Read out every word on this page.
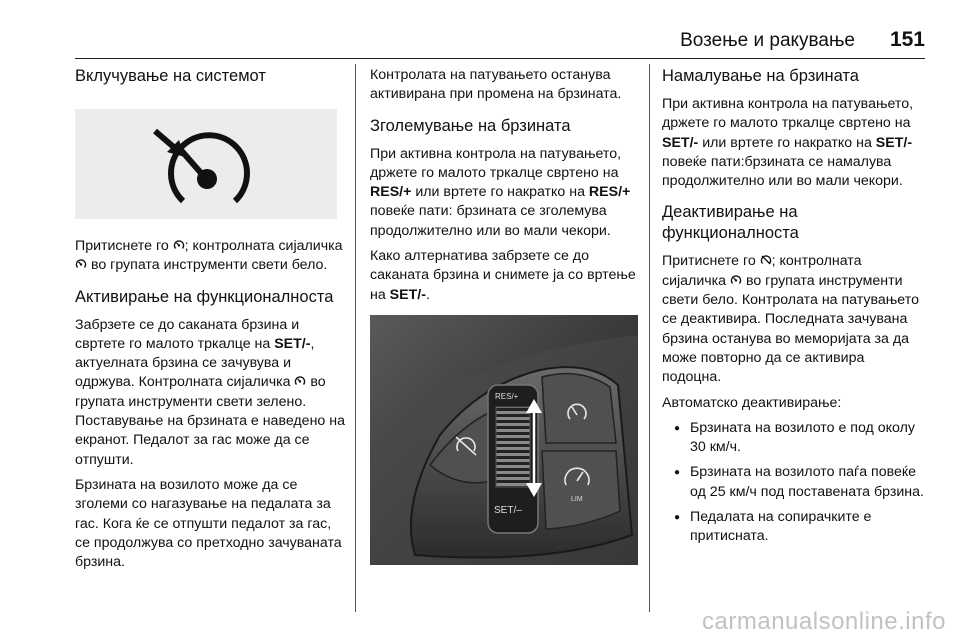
Возење и ракување 151
Вклучување на системот

Притиснете го ; контролната сијаличка  во групата инструменти свети бело.

Активирање на функционалноста

Забрзете се до саканата брзина и свртете го малото тркалце на SET/-, актуелната брзина се зачувува и одржува. Контролната сијаличка  во групата инструменти свети зелено. Поставување на брзината е наведено на екранот. Педалот за гас може да се отпушти.

Брзината на возилото може да се зголеми со нагазување на педалата за гас. Кога ќе се отпушти педалот за гас, се продолжува со претходно зачуваната брзина.

Контролата на патувањето останува активирана при промена на брзината.

Зголемување на брзината

При активна контрола на патувањето, држете го малото тркалце свртено на RES/+ или вртете го накратко на RES/+ повеќе пати: брзината се зголемува продолжително или во мали чекори.

Како алтернатива забрзете се до саканата брзина и снимете ја со вртење на SET/-.

RES/+
SET/–
LIM
Намалување на брзината

При активна контрола на патувањето, држете го малото тркалце свртено на SET/- или вртете го накратко на SET/- повеќе пати:брзината се намалува продолжително или во мали чекори.

Деактивирање на функционалноста

Притиснете го ; контролната сијаличка  во групата инструменти свети бело. Контролата на патувањето се деактивира. Последната зачувана брзина останува во меморијата за да може повторно да се активира подоцна.

Автоматско деактивирање:

● Брзината на возилото е под околу 30 км/ч.
● Брзината на возилото паѓа повеќе од 25 км/ч под поставената брзина.
● Педалата на сопирачките е притисната.
carmanualsonline.info
